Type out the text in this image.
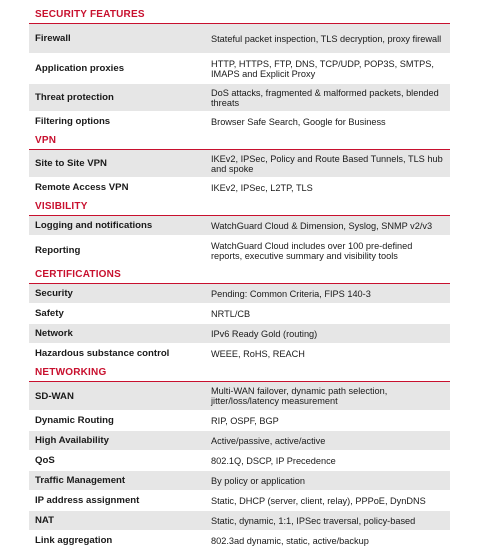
SECURITY FEATURES
Firewall	Stateful packet inspection, TLS decryption, proxy firewall
Application proxies	HTTP, HTTPS, FTP, DNS, TCP/UDP, POP3S, SMTPS, IMAPS and Explicit Proxy
Threat protection	DoS attacks, fragmented & malformed packets, blended threats
Filtering options	Browser Safe Search, Google for Business
VPN
Site to Site VPN	IKEv2, IPSec, Policy and Route Based Tunnels, TLS hub and spoke
Remote Access VPN	IKEv2, IPSec, L2TP, TLS
VISIBILITY
Logging and notifications	WatchGuard Cloud & Dimension, Syslog, SNMP v2/v3
Reporting	WatchGuard Cloud includes over 100 pre-defined reports, executive summary and visibility tools
CERTIFICATIONS
Security	Pending: Common Criteria, FIPS 140-3
Safety	NRTL/CB
Network	IPv6 Ready Gold (routing)
Hazardous substance control	WEEE, RoHS, REACH
NETWORKING
SD-WAN	Multi-WAN failover, dynamic path selection, jitter/loss/latency measurement
Dynamic Routing	RIP, OSPF, BGP
High Availability	Active/passive, active/active
QoS	802.1Q, DSCP, IP Precedence
Traffic Management	By policy or application
IP address assignment	Static, DHCP (server, client, relay), PPPoE, DynDNS
NAT	Static, dynamic, 1:1, IPSec traversal, policy-based
Link aggregation	802.3ad dynamic, static, active/backup
